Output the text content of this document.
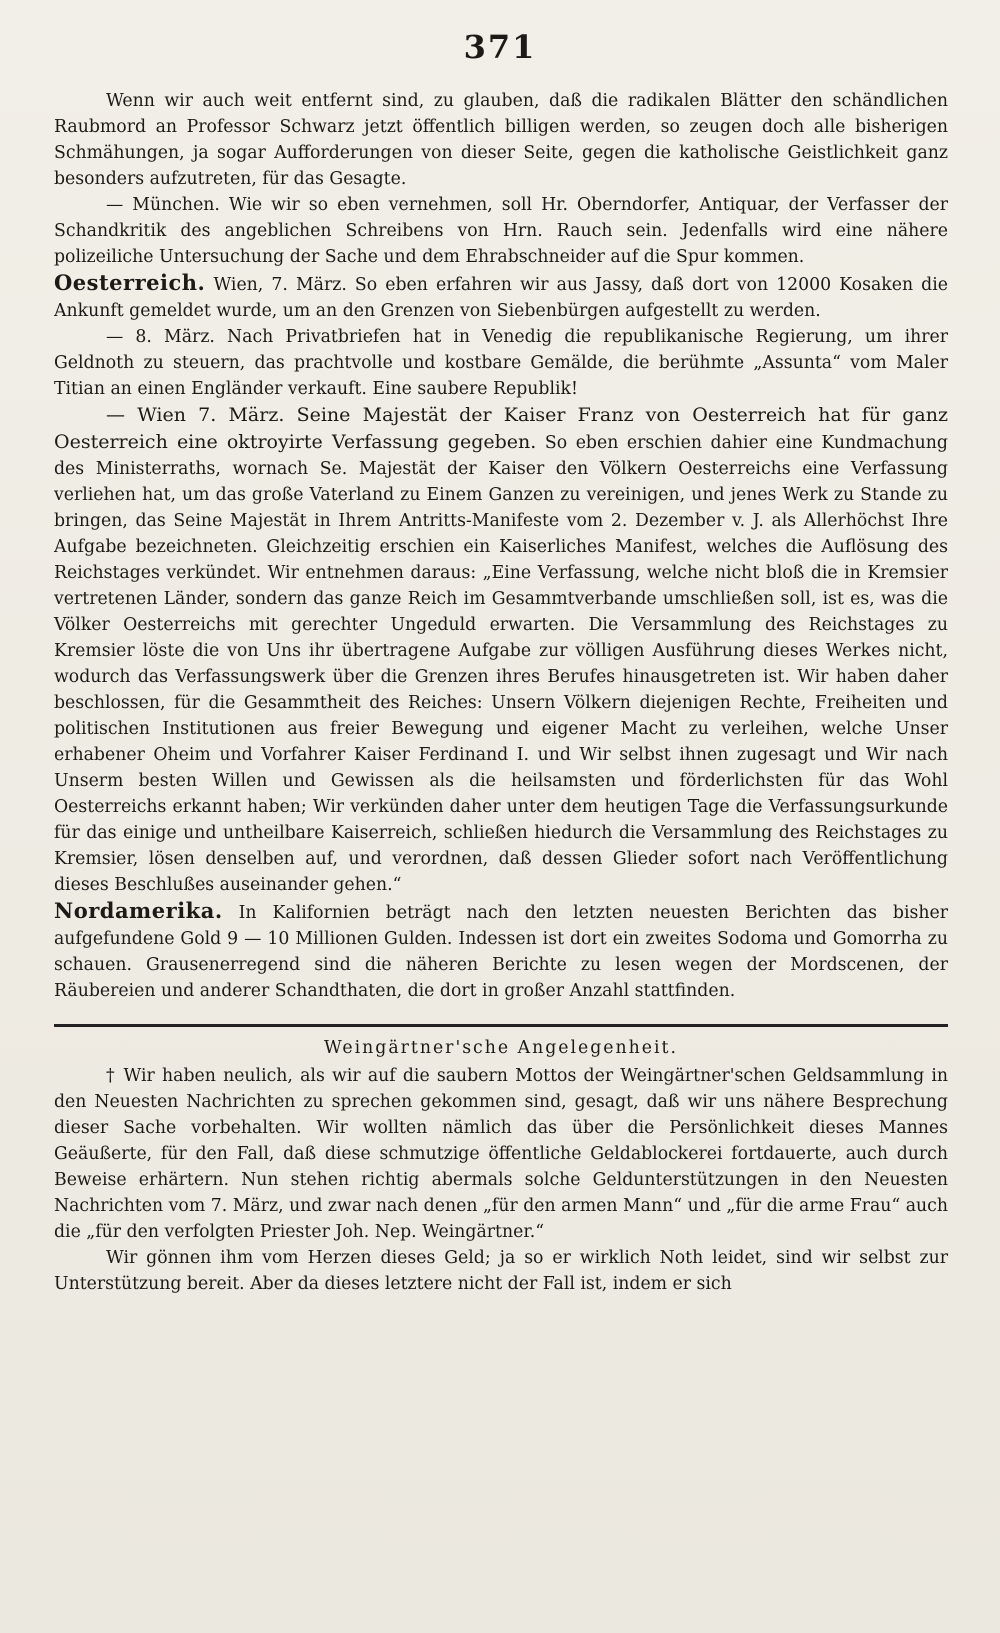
371

Wenn wir auch weit entfernt sind, zu glauben, daß die radikalen Blätter den schändlichen Raubmord an Professor Schwarz jetzt öffentlich billigen werden, so zeugen doch alle bisherigen Schmähungen, ja sogar Aufforderungen von dieser Seite, gegen die katholische Geistlichkeit ganz besonders aufzutreten, für das Gesagte.

— München. Wie wir so eben vernehmen, soll Hr. Oberndorfer, Antiquar, der Verfasser der Schandkritik des angeblichen Schreibens von Hrn. Rauch sein. Jedenfalls wird eine nähere polizeiliche Untersuchung der Sache und dem Ehrabschneider auf die Spur kommen.

Oesterreich. Wien, 7. März. So eben erfahren wir aus Jassy, daß dort von 12000 Kosaken die Ankunft gemeldet wurde, um an den Grenzen von Siebenbürgen aufgestellt zu werden.

— 8. März. Nach Privatbriefen hat in Venedig die republikanische Regierung, um ihrer Geldnoth zu steuern, das prachtvolle und kostbare Gemälde, die berühmte „Assunta“ vom Maler Titian an einen Engländer verkauft. Eine saubere Republik!

— Wien 7. März. Seine Majestät der Kaiser Franz von Oesterreich hat für ganz Oesterreich eine oktroyirte Verfassung gegeben. So eben erschien dahier eine Kundmachung des Ministerraths, wornach Se. Majestät der Kaiser den Völkern Oesterreichs eine Verfassung verliehen hat, um das große Vaterland zu Einem Ganzen zu vereinigen, und jenes Werk zu Stande zu bringen, das Seine Majestät in Ihrem Antritts-Manifeste vom 2. Dezember v. J. als Allerhöchst Ihre Aufgabe bezeichneten. Gleichzeitig erschien ein Kaiserliches Manifest, welches die Auflösung des Reichstages verkündet. Wir entnehmen daraus: „Eine Verfassung, welche nicht bloß die in Kremsier vertretenen Länder, sondern das ganze Reich im Gesammtverbande umschließen soll, ist es, was die Völker Oesterreichs mit gerechter Ungeduld erwarten. Die Versammlung des Reichstages zu Kremsier löste die von Uns ihr übertragene Aufgabe zur völligen Ausführung dieses Werkes nicht, wodurch das Verfassungswerk über die Grenzen ihres Berufes hinausgetreten ist. Wir haben daher beschlossen, für die Gesammtheit des Reiches: Unsern Völkern diejenigen Rechte, Freiheiten und politischen Institutionen aus freier Bewegung und eigener Macht zu verleihen, welche Unser erhabener Oheim und Vorfahrer Kaiser Ferdinand I. und Wir selbst ihnen zugesagt und Wir nach Unserm besten Willen und Gewissen als die heilsamsten und förderlichsten für das Wohl Oesterreichs erkannt haben; Wir verkünden daher unter dem heutigen Tage die Verfassungsurkunde für das einige und untheilbare Kaiserreich, schließen hiedurch die Versammlung des Reichstages zu Kremsier, lösen denselben auf, und verordnen, daß dessen Glieder sofort nach Veröffentlichung dieses Beschlußes auseinander gehen.“

Nordamerika. In Kalifornien beträgt nach den letzten neuesten Berichten das bisher aufgefundene Gold 9 — 10 Millionen Gulden. Indessen ist dort ein zweites Sodoma und Gomorrha zu schauen. Grausenerregend sind die näheren Berichte zu lesen wegen der Mordscenen, der Räubereien und anderer Schandthaten, die dort in großer Anzahl stattfinden.

Weingärtner'sche Angelegenheit.

† Wir haben neulich, als wir auf die saubern Mottos der Weingärtner'schen Geldsammlung in den Neuesten Nachrichten zu sprechen gekommen sind, gesagt, daß wir uns nähere Besprechung dieser Sache vorbehalten. Wir wollten nämlich das über die Persönlichkeit dieses Mannes Geäußerte, für den Fall, daß diese schmutzige öffentliche Geldablockerei fortdauerte, auch durch Beweise erhärtern. Nun stehen richtig abermals solche Geldunterstützungen in den Neuesten Nachrichten vom 7. März, und zwar nach denen „für den armen Mann“ und „für die arme Frau“ auch die „für den verfolgten Priester Joh. Nep. Weingärtner.“

Wir gönnen ihm vom Herzen dieses Geld; ja so er wirklich Noth leidet, sind wir selbst zur Unterstützung bereit. Aber da dieses letztere nicht der Fall ist, indem er sich
